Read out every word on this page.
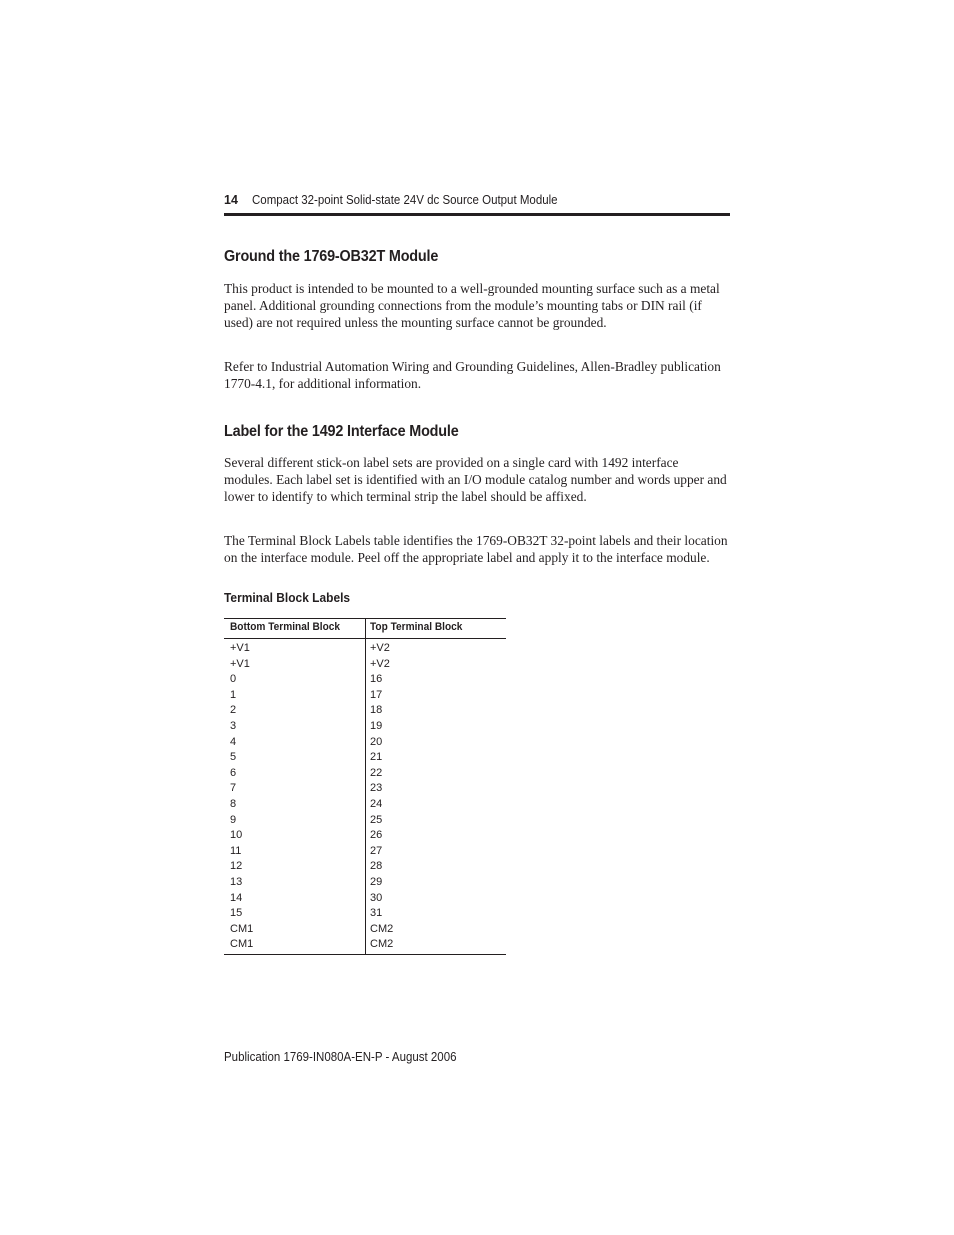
14 Compact 32-point Solid-state 24V dc Source Output Module
Ground the 1769-OB32T Module

This product is intended to be mounted to a well-grounded mounting surface such as a metal panel. Additional grounding connections from the module’s mounting tabs or DIN rail (if used) are not required unless the mounting surface cannot be grounded.

Refer to Industrial Automation Wiring and Grounding Guidelines, Allen-Bradley publication 1770-4.1, for additional information.

Label for the 1492 Interface Module

Several different stick-on label sets are provided on a single card with 1492 interface modules. Each label set is identified with an I/O module catalog number and words upper and lower to identify to which terminal strip the label should be affixed.

The Terminal Block Labels table identifies the 1769-OB32T 32-point labels and their location on the interface module. Peel off the appropriate label and apply it to the interface module.

Terminal Block Labels
Bottom Terminal Block	Top Terminal Block
+V1	+V2
+V1	+V2
0	16
1	17
2	18
3	19
4	20
5	21
6	22
7	23
8	24
9	25
10	26
11	27
12	28
13	29
14	30
15	31
CM1	CM2
CM1	CM2
Publication 1769-IN080A-EN-P - August 2006
